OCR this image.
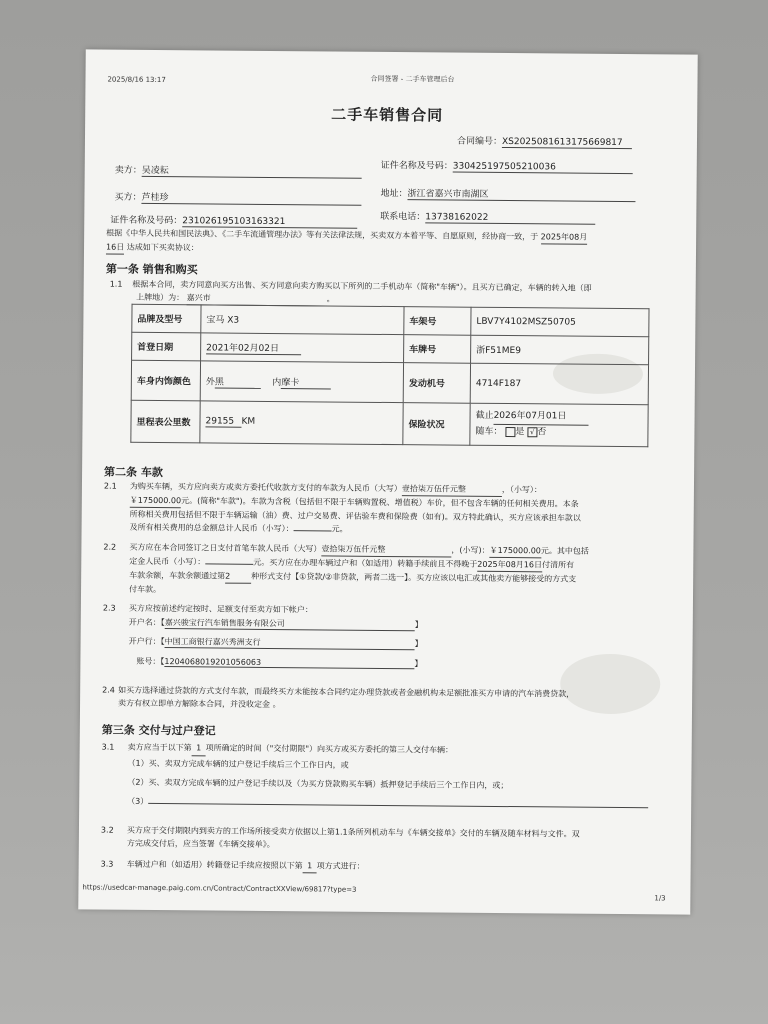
2025/8/16 13:17	合同签署 - 二手车管理后台
二手车销售合同
合同编号：XS2025081613175669817
卖方：吴凌耘	证件名称及号码：330425197505210036
买方：芦桂珍	地址：浙江省嘉兴市南湖区
证件名称及号码：231026195103163321	联系电话：13738162022
根据《中华人民共和国民法典》、《二手车流通管理办法》等有关法律法规，买卖双方本着平等、自愿原则，经协商一致，于 2025年08月
16日 达成如下买卖协议：
第一条 销售和购买
1.1 根据本合同，卖方同意向买方出售、买方同意向卖方购买以下所列的二手机动车（简称"车辆"）。且买方已确定，车辆的转入地（即
上牌地）为： 嘉兴市	。
品牌及型号	宝马 X3	车架号	LBV7Y4102MSZ50705
首登日期	2021年02月02日	车牌号	浙F51ME9
车身内饰颜色	外黑 内摩卡	发动机号	4714F187
里程表公里数	29155 KM	保险状况	截止2026年07月01日
随车： 是 √ 否
第二条 车款
2.1 为购买车辆，买方应向卖方或卖方委托代收款方支付的车款为人民币（大写）壹拾柒万伍仟元整	，（小写）：
￥175000.00元。(简称"车款")。车款为含税（包括但不限于车辆购置税、增值税）车价，但不包含车辆的任何相关费用。本条
所称相关费用包括但不限于车辆运输（油）费、过户交易费、评估验车费和保险费（如有)。双方特此确认，买方应该承担车款以
及所有相关费用的总金额总计人民币（小写）：	元。
2.2 买方应在本合同签订之日支付首笔车款人民币（大写）壹拾柒万伍仟元整	，(小写)：￥175000.00元。其中包括
定金人民币（小写）：	元。买方应在办理车辆过户和（如适用）转籍手续前且不得晚于2025年08月16日付清所有
车款余额，车款余额通过第2	种形式支付【①贷款/②非贷款，两者二选一】。买方应该以电汇或其他卖方能够接受的方式支
付车款。
2.3 买方应按前述约定按时、足额支付至卖方如下帐户：
开户名：【嘉兴骏宝行汽车销售服务有限公司	】
开户行：【中国工商银行嘉兴秀洲支行	】
账号：【1204068019201056063	】
2.4 如买方选择通过贷款的方式支付车款，而最终买方未能按本合同约定办理贷款或者金融机构未足额批准买方申请的汽车消费贷款，
卖方有权立即单方解除本合同，并没收定金 。
第三条 交付与过户登记
3.1 卖方应当于以下第 1 项所确定的时间（"交付期限"）向买方或买方委托的第三人交付车辆：
（1）买、卖双方完成车辆的过户登记手续后三个工作日内，或

（2）买、卖双方完成车辆的过户登记手续以及（为买方贷款购买车辆）抵押登记手续后三个工作日内，或；

（3）
3.2 买方应于交付期限内到卖方的工作场所接受卖方依据以上第1.1条所列机动车与《车辆交接单》交付的车辆及随车材料与文件。双
方完成交付后，应当签署《车辆交接单》。
3.3 车辆过户和（如适用）转籍登记手续应按照以下第 1 项方式进行：
https://usedcar-manage.paig.com.cn/Contract/ContractXXView/69817?type=3
1/3
